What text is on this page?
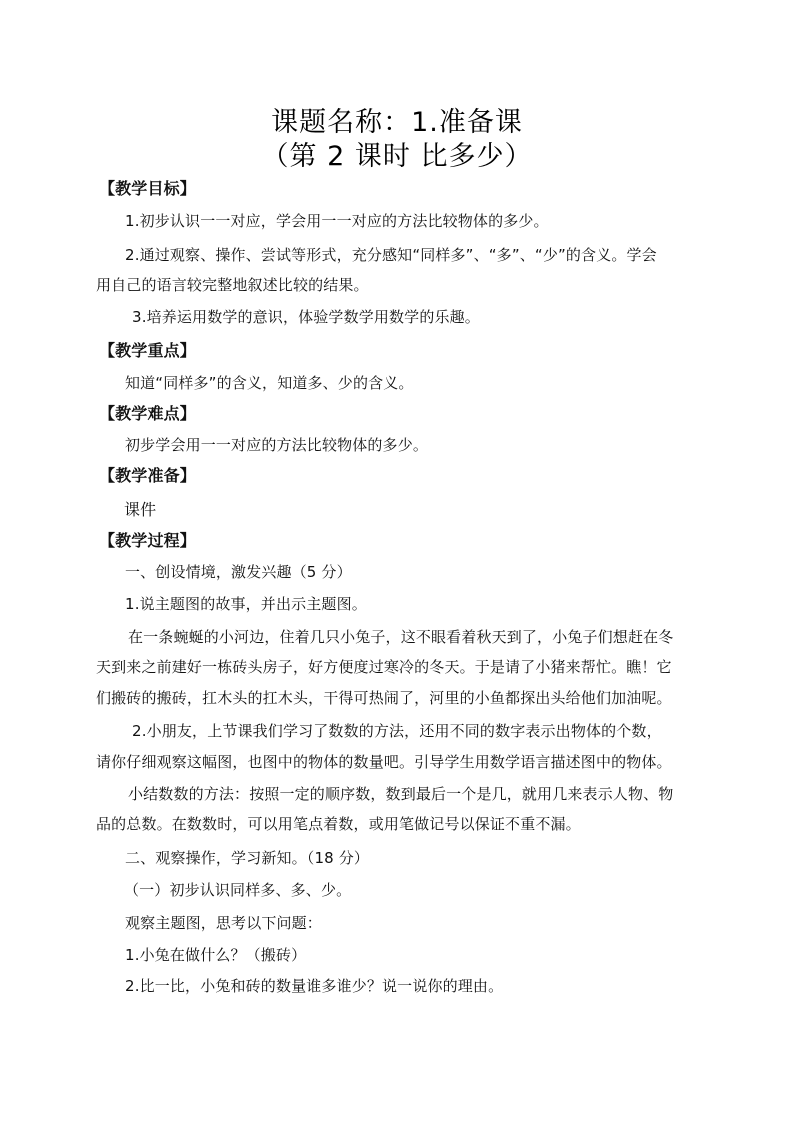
课题名称：1.准备课
（第 2 课时 比多少）
【教学目标】
1.初步认识一一对应，学会用一一对应的方法比较物体的多少。
2.通过观察、操作、尝试等形式，充分感知“同样多”、“多”、“少”的含义。学会
用自己的语言较完整地叙述比较的结果。
3.培养运用数学的意识，体验学数学用数学的乐趣。
【教学重点】
知道“同样多”的含义，知道多、少的含义。
【教学难点】
初步学会用一一对应的方法比较物体的多少。
【教学准备】
课件
【教学过程】
一、创设情境，激发兴趣（5 分）
1.说主题图的故事，并出示主题图。
在一条蜿蜒的小河边，住着几只小兔子，这不眼看着秋天到了，小兔子们想赶在冬
天到来之前建好一栋砖头房子，好方便度过寒冷的冬天。于是请了小猪来帮忙。瞧！它
们搬砖的搬砖，扛木头的扛木头，干得可热闹了，河里的小鱼都探出头给他们加油呢。
2.小朋友，上节课我们学习了数数的方法，还用不同的数字表示出物体的个数，
请你仔细观察这幅图，也图中的物体的数量吧。引导学生用数学语言描述图中的物体。
小结数数的方法：按照一定的顺序数，数到最后一个是几，就用几来表示人物、物
品的总数。在数数时，可以用笔点着数，或用笔做记号以保证不重不漏。
二、观察操作，学习新知。（18 分）
（一）初步认识同样多、多、少。
观察主题图，思考以下问题：
1.小兔在做什么？（搬砖）
2.比一比，小兔和砖的数量谁多谁少？说一说你的理由。
